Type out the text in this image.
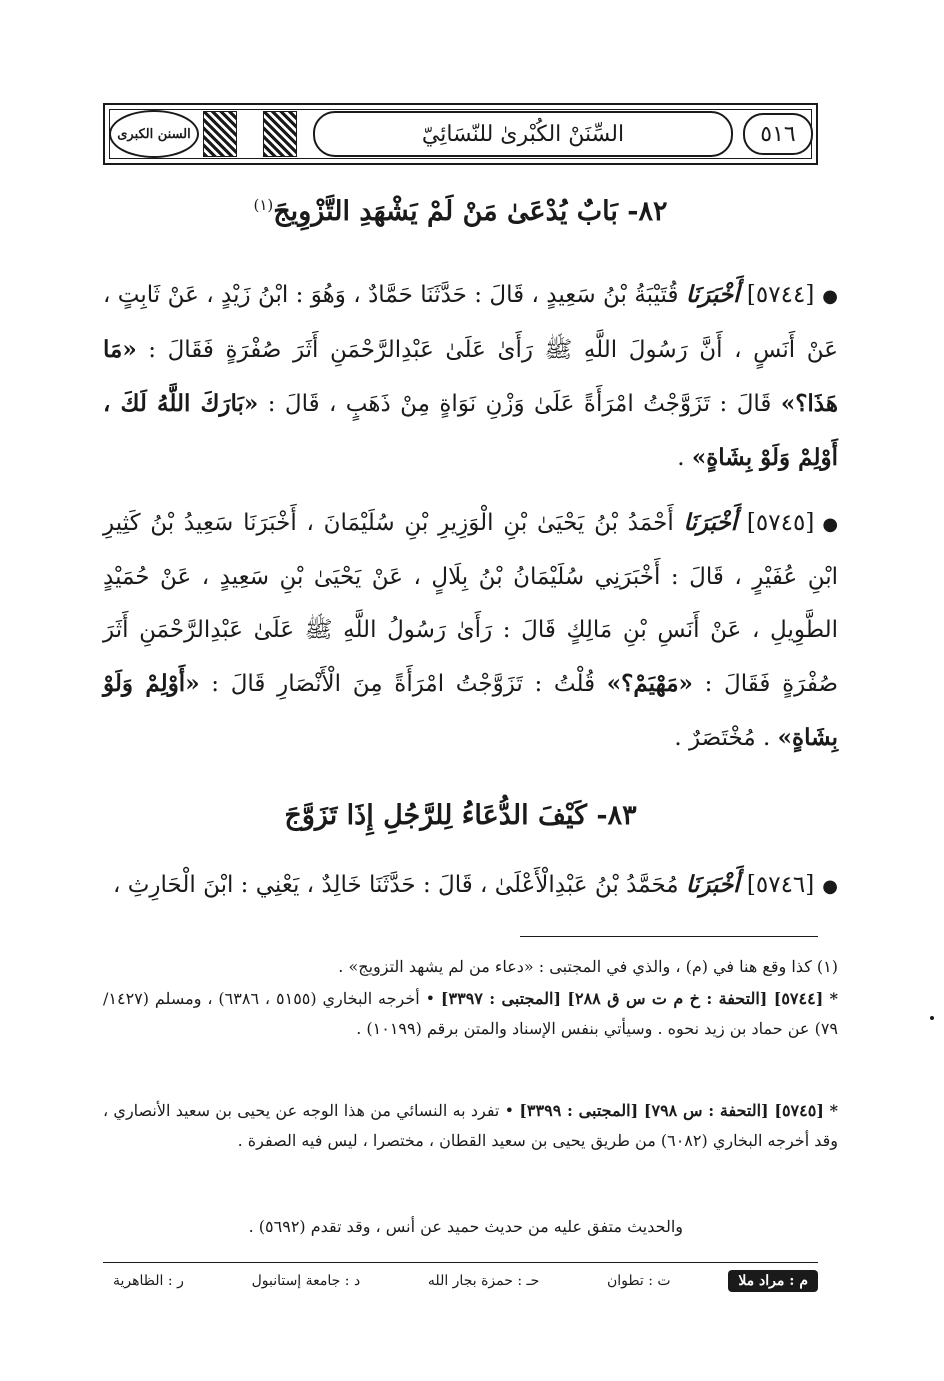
السنن الكبرى	السِّنَنْ الكُبْرىٰ للنّسَائِيّ	٥١٦
٨٢- بَابٌ يُدْعَىٰ مَنْ لَمْ يَشْهَدِ التَّزْوِيجَ$^{(١)}$
●[٥٧٤٤] أَخْبَرَنَا قُتَيْبَةُ بْنُ سَعِيدٍ ، قَالَ : حَدَّثَنَا حَمَّادٌ ، وَهُوَ : ابْنُ زَيْدٍ ، عَنْ ثَابِتٍ ، عَنْ أَنَسٍ ، أَنَّ رَسُولَ اللَّهِ ﷺ رَأَىٰ عَلَىٰ عَبْدِالرَّحْمَنِ أَثَرَ صُفْرَةٍ فَقَالَ : «مَا هَذَا؟» قَالَ : تَزَوَّجْتُ امْرَأَةً عَلَىٰ وَزْنِ نَوَاةٍ مِنْ ذَهَبٍ ، قَالَ : «بَارَكَ اللَّهُ لَكَ ، أَوْلِمْ وَلَوْ بِشَاةٍ» .
●[٥٧٤٥] أَخْبَرَنَا أَحْمَدُ بْنُ يَحْيَىٰ بْنِ الْوَزِيرِ بْنِ سُلَيْمَانَ ، أَخْبَرَنَا سَعِيدُ بْنُ كَثِيرِ ابْنِ عُفَيْرٍ ، قَالَ : أَخْبَرَنِي سُلَيْمَانُ بْنُ بِلَالٍ ، عَنْ يَحْيَىٰ بْنِ سَعِيدٍ ، عَنْ حُمَيْدٍ الطَّوِيلِ ، عَنْ أَنَسِ بْنِ مَالِكٍ قَالَ : رَأَىٰ رَسُولُ اللَّهِ ﷺ عَلَىٰ عَبْدِالرَّحْمَنِ أَثَرَ صُفْرَةٍ فَقَالَ : «مَهْيَمْ؟» قُلْتُ : تَزَوَّجْتُ امْرَأَةً مِنَ الْأَنْصَارِ قَالَ : «أَوْلِمْ وَلَوْ بِشَاةٍ» . مُخْتَصَرٌ .
٨٣- كَيْفَ الدُّعَاءُ لِلرَّجُلِ إِذَا تَزَوَّجَ
●[٥٧٤٦] أَخْبَرَنَا مُحَمَّدُ بْنُ عَبْدِالْأَعْلَىٰ ، قَالَ : حَدَّثَنَا خَالِدٌ ، يَعْنِي : ابْنَ الْحَارِثِ ،
(١) كذا وقع هنا في (م) ، والذي في المجتبى : «دعاء من لم يشهد التزويج» .
* [٥٧٤٤] [التحفة : خ م ت س ق ٢٨٨] [المجتبى : ٣٣٩٧] • أخرجه البخاري (٥١٥٥ ، ٦٣٨٦) ، ومسلم (١٤٢٧/ ٧٩) عن حماد بن زيد نحوه . وسيأتي بنفس الإسناد والمتن برقم (١٠١٩٩) .
* [٥٧٤٥] [التحفة : س ٧٩٨] [المجتبى : ٣٣٩٩] • تفرد به النسائي من هذا الوجه عن يحيى بن سعيد الأنصاري ، وقد أخرجه البخاري (٦٠٨٢) من طريق يحيى بن سعيد القطان ، مختصرا ، ليس فيه الصفرة .
والحديث متفق عليه من حديث حميد عن أنس ، وقد تقدم (٥٦٩٢) .
م : مراد ملا
ت : تطوان
حـ : حمزة بجار الله
د : جامعة إستانبول
ر : الظاهرية
